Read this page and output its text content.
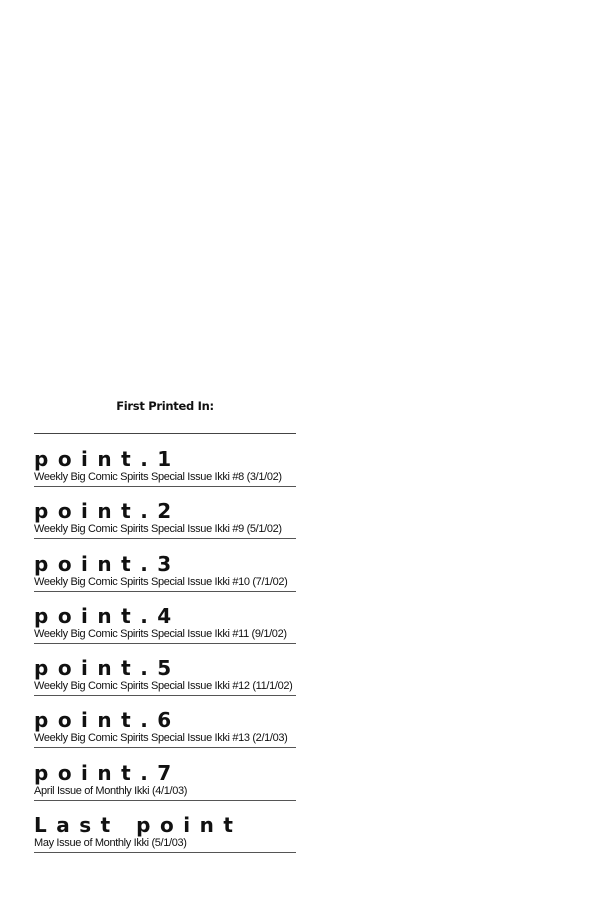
First Printed In:
point.1
Weekly Big Comic Spirits Special Issue Ikki #8 (3/1/02)
point.2
Weekly Big Comic Spirits Special Issue Ikki #9 (5/1/02)
point.3
Weekly Big Comic Spirits Special Issue Ikki #10 (7/1/02)
point.4
Weekly Big Comic Spirits Special Issue Ikki #11 (9/1/02)
point.5
Weekly Big Comic Spirits Special Issue Ikki #12 (11/1/02)
point.6
Weekly Big Comic Spirits Special Issue Ikki #13 (2/1/03)
point.7
April Issue of Monthly Ikki (4/1/03)
Last point
May Issue of Monthly Ikki (5/1/03)
